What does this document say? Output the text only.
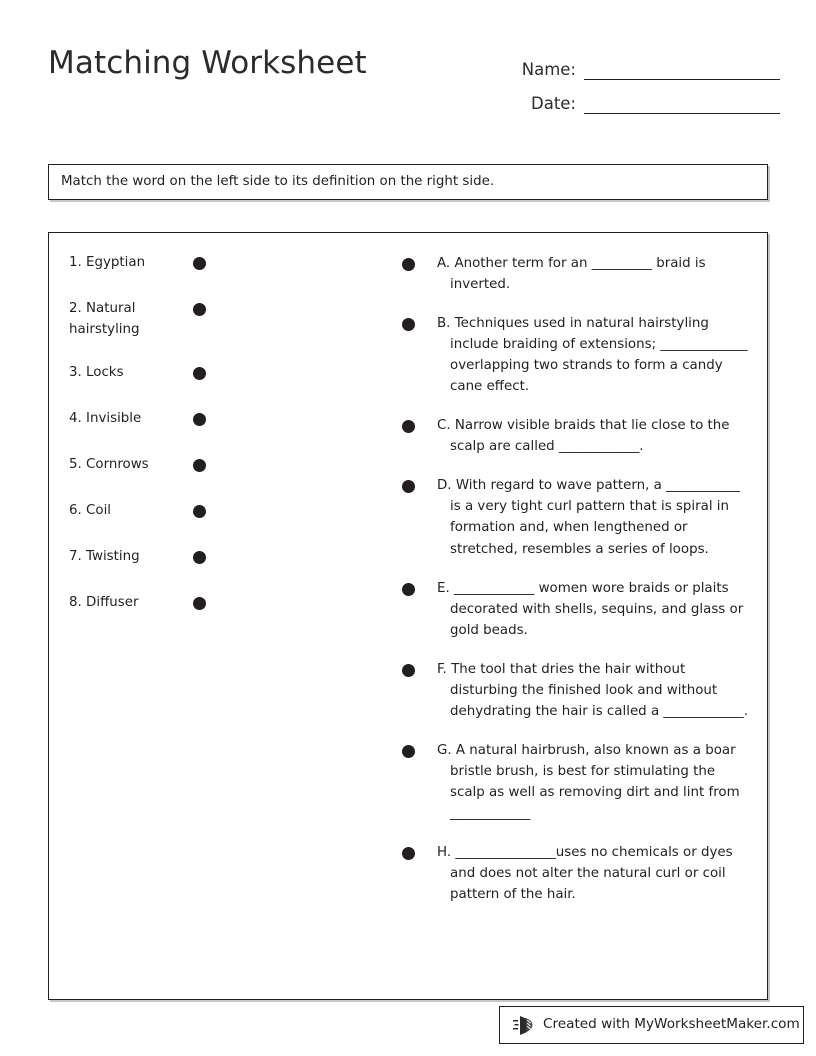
Matching Worksheet	Name:
Date:
Match the word on the left side to its definition on the right side.
1. Egyptian
2. Natural hairstyling
3. Locks
4. Invisible
5. Cornrows
6. Coil
7. Twisting
8. Diffuser
A. Another term for an _________ braid is inverted.
B. Techniques used in natural hairstyling include braiding of extensions; _____________ overlapping two strands to form a candy cane effect.
C. Narrow visible braids that lie close to the scalp are called ____________.
D. With regard to wave pattern, a ___________ is a very tight curl pattern that is spiral in formation and, when lengthened or stretched, resembles a series of loops.
E. ____________ women wore braids or plaits decorated with shells, sequins, and glass or gold beads.
F. The tool that dries the hair without disturbing the finished look and without dehydrating the hair is called a ____________.
G. A natural hairbrush, also known as a boar bristle brush, is best for stimulating the scalp as well as removing dirt and lint from ____________
H. _______________uses no chemicals or dyes and does not alter the natural curl or coil pattern of the hair.
Created with MyWorksheetMaker.com
